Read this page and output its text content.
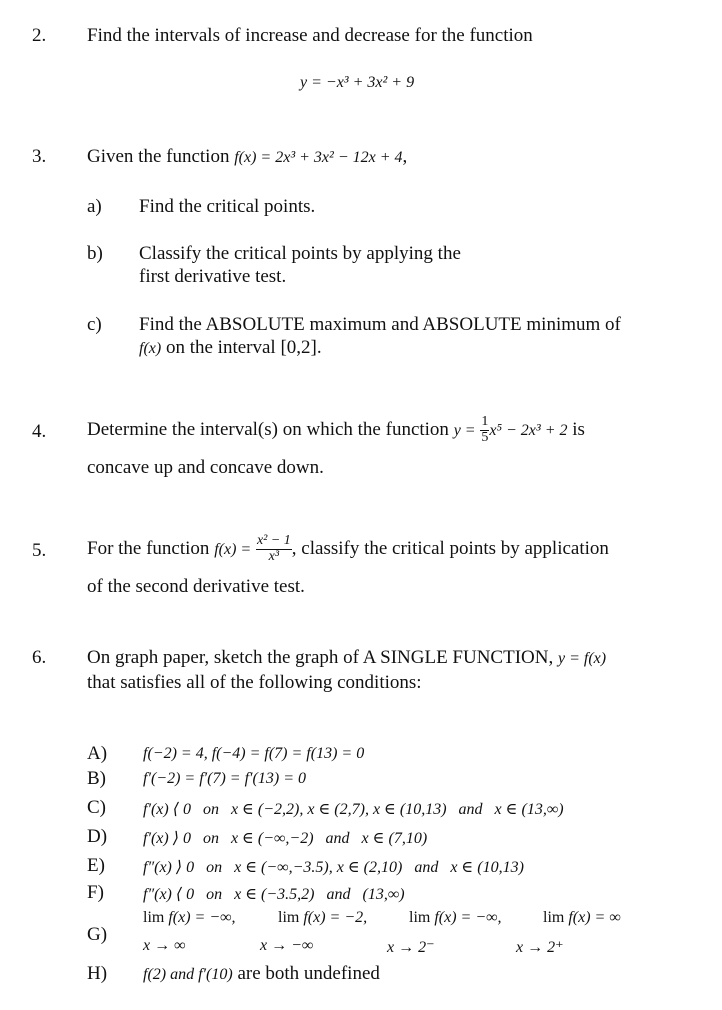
2. Find the intervals of increase and decrease for the function
y = −x³ + 3x² + 9
3. Given the function f(x) = 2x³ + 3x² − 12x + 4,
a) Find the critical points.
b) Classify the critical points by applying the
first derivative test.
c) Find the ABSOLUTE maximum and ABSOLUTE minimum of
f(x) on the interval [0,2].
4. Determine the interval(s) on which the function $y = \frac{1}{5} x^5 - 2x^3 + 2$ is
concave up and concave down.
5. For the function $f(x) = \frac{\text{x² − 1}}{\text{x³}}$ , classify the critical points by application
of the second derivative test.
6. On graph paper, sketch the graph of A SINGLE FUNCTION, y = f(x)
that satisfies all of the following conditions:
A) f(−2) = 4, f(−4) = f(7) = f(13) = 0
B) f′(−2) = f′(7) = f′(13) = 0
C) f′(x) ⟨ 0   on   x ∈ (−2,2), x ∈ (2,7), x ∈ (10,13)   and   x ∈ (13,∞)
D) f′(x) ⟩ 0   on   x ∈ (−∞,−2)   and   x ∈ (7,10)
E) f″(x) ⟩ 0   on   x ∈ (−∞,−3.5), x ∈ (2,10)   and   x ∈ (10,13)
F) f″(x) ⟨ 0   on   x ∈ (−3.5,2)   and   (13,∞)
G)
lim f(x) = −∞,
x → ∞
lim f(x) = −2,
x → −∞
lim f(x) = −∞,
x → 2⁻
lim f(x) = ∞
x → 2⁺
H) f(2) and f′(10) are both undefined
